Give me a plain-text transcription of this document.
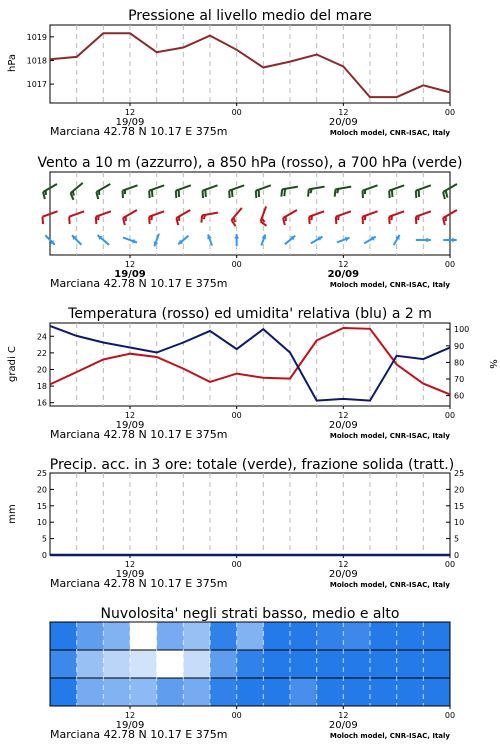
Pressione al livello medio del mare
hPa
1017
1018
1019
12	00	12	00
19/09	20/09
Marciana 42.78 N 10.17 E 375m	Moloch model, CNR-ISAC, Italy
Vento a 10 m (azzurro), a 850 hPa (rosso), a 700 hPa (verde)
12	00	12	00
19/09	20/09
Marciana 42.78 N 10.17 E 375m	Moloch model, CNR-ISAC, Italy
Temperatura (rosso) ed umidita' relativa (blu) a 2 m
gradi C	%
16
18
20
22
24
60
70
80
90
100
12	00	12	00
19/09	20/09
Marciana 42.78 N 10.17 E 375m	Moloch model, CNR-ISAC, Italy
Precip. acc. in 3 ore: totale (verde), frazione solida (tratt.)
mm
0
5
10
15
20
25
0
5
10
15
20
25
12	00	12	00
19/09	20/09
Marciana 42.78 N 10.17 E 375m	Moloch model, CNR-ISAC, Italy
Nuvolosita' negli strati basso, medio e alto
12	00	12	00
19/09	20/09
Marciana 42.78 N 10.17 E 375m	Moloch model, CNR-ISAC, Italy
